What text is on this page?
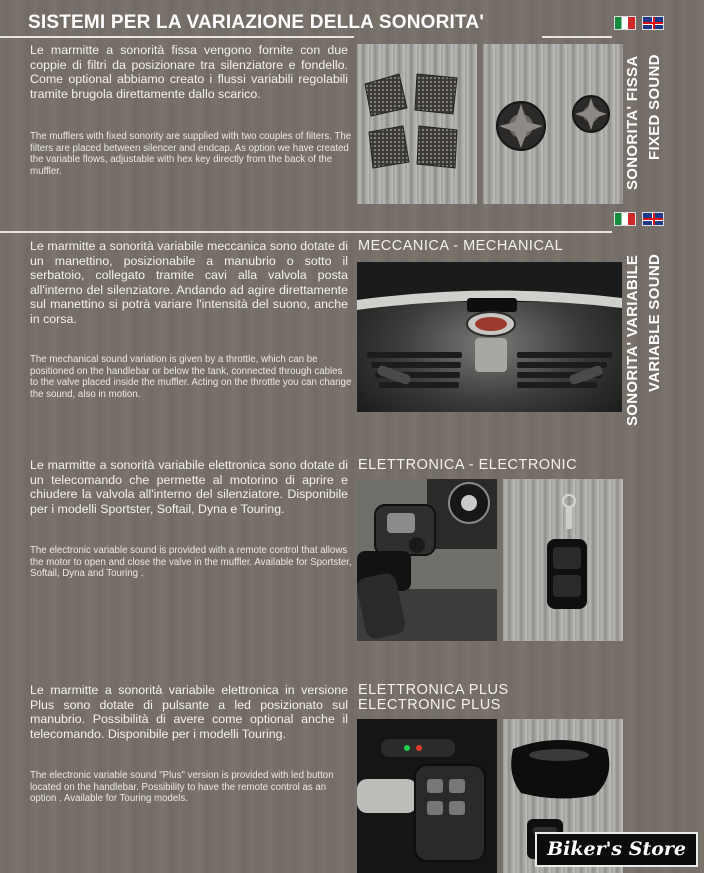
SISTEMI PER LA VARIAZIONE DELLA SONORITA'
Le marmitte a sonorità fissa vengono fornite con due coppie di filtri da posizionare tra silenziatore e fondello. Come optional abbiamo creato i flussi variabili regolabili tramite brugola direttamente dallo scarico.
The mufflers with fixed sonority are supplied with two couples of filters. The filters are placed between silencer and endcap. As option we have created the variable flows, adjustable with hex key directly from the back of the muffler.	SONORITA' FISSA FIXED SOUND
Le marmitte a sonorità variabile meccanica sono dotate di un manettino, posizionabile a manubrio o sotto il serbatoio, collegato tramite cavi alla valvola posta all'interno del silenziatore. Andando ad agire direttamente sul manettino si potrà variare l'intensità del suono, anche in corsa.
The mechanical sound variation is given by a throttle, which can be positioned on the handlebar or below the tank, connected through cables to the valve placed inside the muffler. Acting on the throttle you can change the sound, also in motion.
MECCANICA - MECHANICAL
SONORITA' VARIABILE VARIABLE SOUND
Le marmitte a sonorità variabile elettronica sono dotate di un telecomando che permette al motorino di aprire e chiudere la valvola all'interno del silenziatore. Disponibile per i modelli Sportster, Softail, Dyna e Touring.
The electronic variable sound is provided with a remote control that allows the motor to open and close the valve in the muffler. Available for Sportster, Softail, Dyna and Touring .
ELETTRONICA - ELECTRONIC
Le marmitte a sonorità variabile elettronica in versione Plus sono dotate di pulsante a led posizionato sul manubrio. Possibilità di avere come optional anche il telecomando. Disponibile per i modelli Touring.
The electronic variable sound "Plus" version is provided with led button located on the handlebar. Possibility to have the remote control as an option . Available for Touring models.
ELETTRONICA PLUS
ELECTRONIC PLUS
Biker's Store
